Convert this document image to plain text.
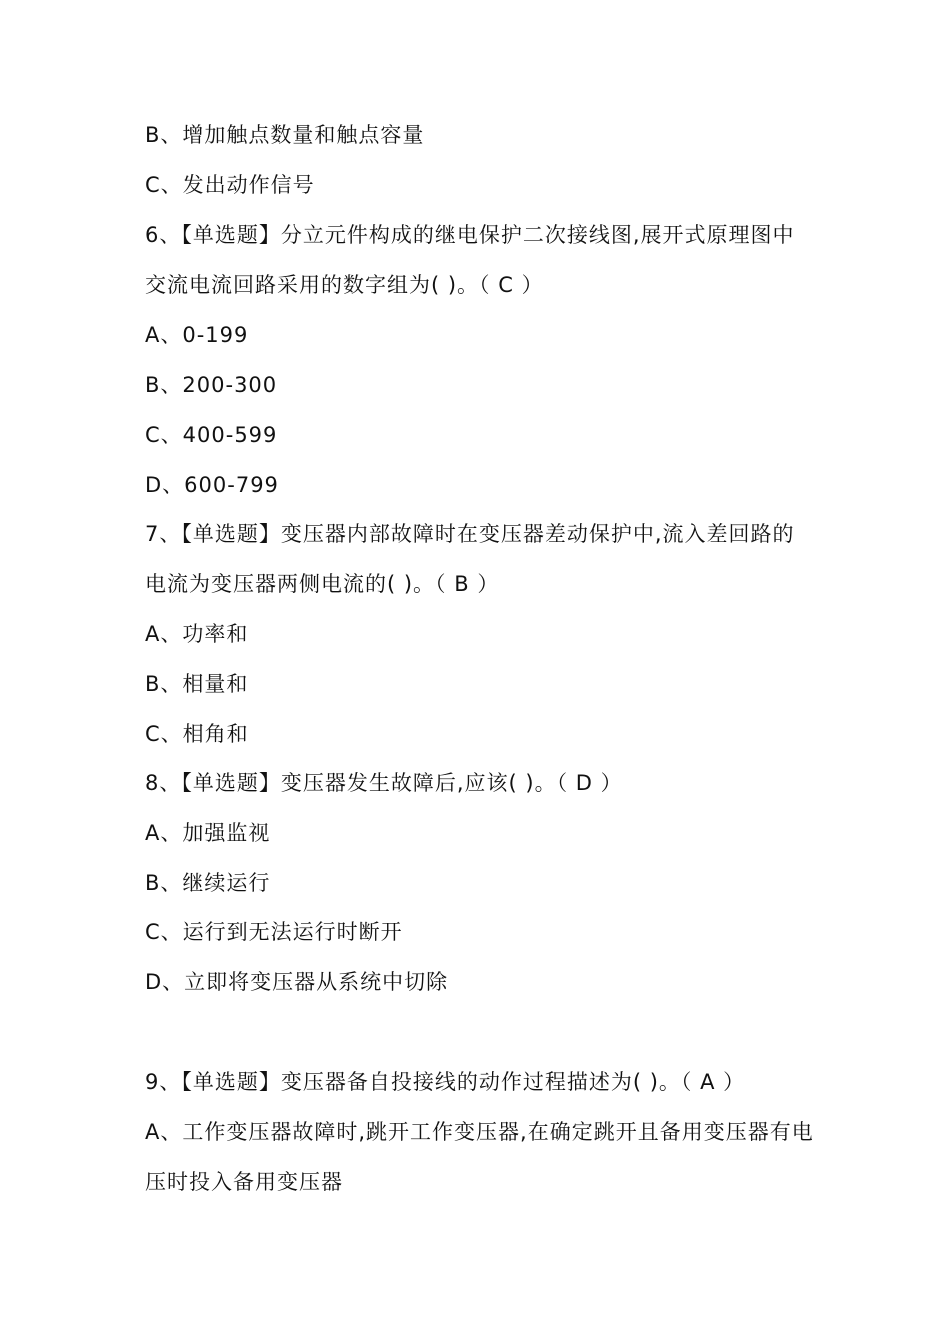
B、增加触点数量和触点容量
C、发出动作信号
6、【单选题】分立元件构成的继电保护二次接线图,展开式原理图中
交流电流回路采用的数字组为( )。（ C ）
A、0-199
B、200-300
C、400-599
D、600-799
7、【单选题】变压器内部故障时在变压器差动保护中,流入差回路的
电流为变压器两侧电流的( )。（ B ）
A、功率和
B、相量和
C、相角和
8、【单选题】变压器发生故障后,应该( )。（ D ）
A、加强监视
B、继续运行
C、运行到无法运行时断开
D、立即将变压器从系统中切除
9、【单选题】变压器备自投接线的动作过程描述为( )。（ A ）
A、工作变压器故障时,跳开工作变压器,在确定跳开且备用变压器有电
压时投入备用变压器
